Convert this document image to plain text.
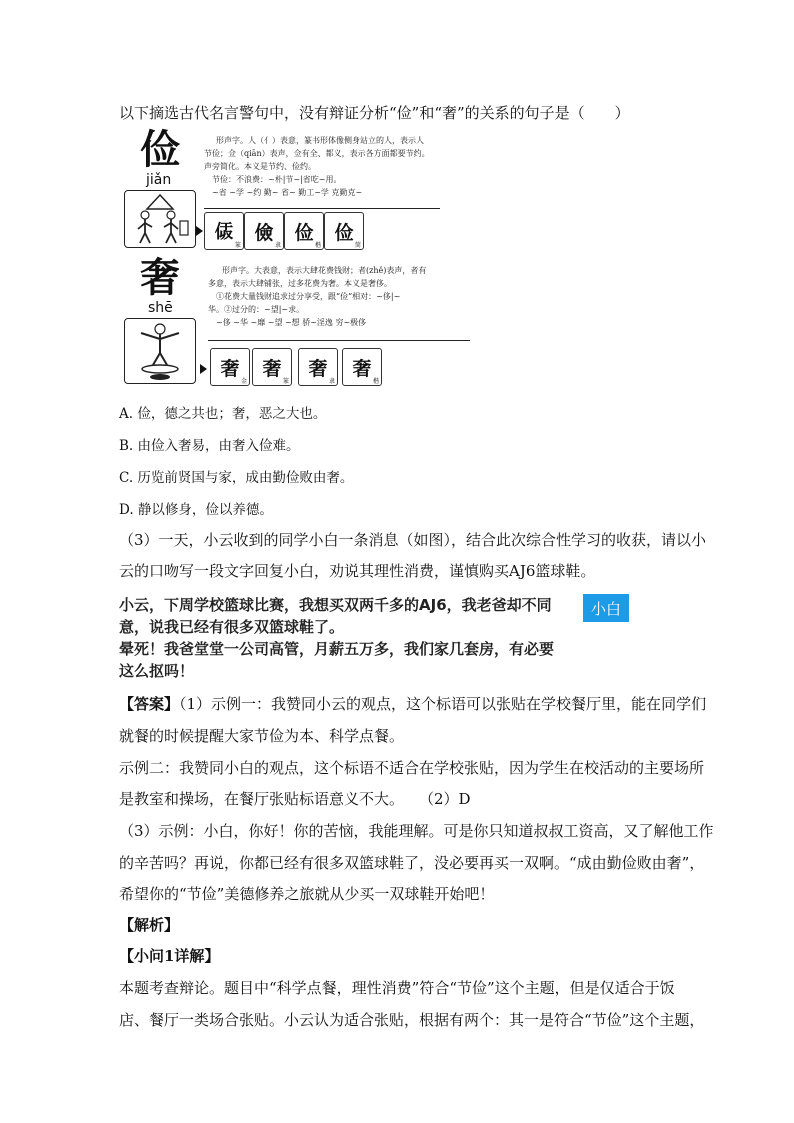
以下摘选古代名言警句中，没有辩证分析“俭”和“奢”的关系的句子是（　　）
俭
jiǎn
形声字。人（亻）表意，篆书形体像侧身站立的人，表示人
节俭；佥（qiān）表声，佥有全、都义，表示各方面都要节约。
声旁简化。本义是节约、俭约。
　节俭：不浪费：~朴|节~|省吃~用。
　~省 ~学 ~约 勤~ 省~ 勤工~学 克勤克~
𠈯
篆
儉
隶
俭
楷
俭
简
奢
shē
形声字。大表意，表示大肆花费钱财；者(zhě)表声，者有
多意，表示大肆铺张，过多花费为奢。本义是奢侈。
　①花费大量钱财追求过分享受，跟“俭”相对：~侈|~
华。②过分的：~望|~求。
　~侈 ~华 ~靡 ~望 ~想 骄~淫逸 穷~极侈
奢
金
奢
篆
奢
隶
奢
楷
A. 俭，德之共也；奢，恶之大也。
B. 由俭入奢易，由奢入俭难。
C. 历览前贤国与家，成由勤俭败由奢。
D. 静以修身，俭以养德。
（3）一天，小云收到的同学小白一条消息（如图），结合此次综合性学习的收获，请以小
云的口吻写一段文字回复小白，劝说其理性消费，谨慎购买AJ6篮球鞋。
小云，下周学校篮球比赛，我想买双两千多的AJ6，我老爸却不同
意，说我已经有很多双篮球鞋了。
晕死！我爸堂堂一公司高管，月薪五万多，我们家几套房，有必要
这么抠吗！
小白
【答案】（1）示例一：我赞同小云的观点，这个标语可以张贴在学校餐厅里，能在同学们
就餐的时候提醒大家节俭为本、科学点餐。
示例二：我赞同小白的观点，这个标语不适合在学校张贴，因为学生在校活动的主要场所
是教室和操场，在餐厅张贴标语意义不大。　　（2）D
（3）示例：小白，你好！你的苦恼，我能理解。可是你只知道叔叔工资高，又了解他工作
的辛苦吗？再说，你都已经有很多双篮球鞋了，没必要再买一双啊。“成由勤俭败由奢”，
希望你的“节俭”美德修养之旅就从少买一双球鞋开始吧！
【解析】
【小问1详解】
本题考查辩论。题目中“科学点餐，理性消费”符合“节俭”这个主题，但是仅适合于饭
店、餐厅一类场合张贴。小云认为适合张贴，根据有两个：其一是符合“节俭”这个主题，
